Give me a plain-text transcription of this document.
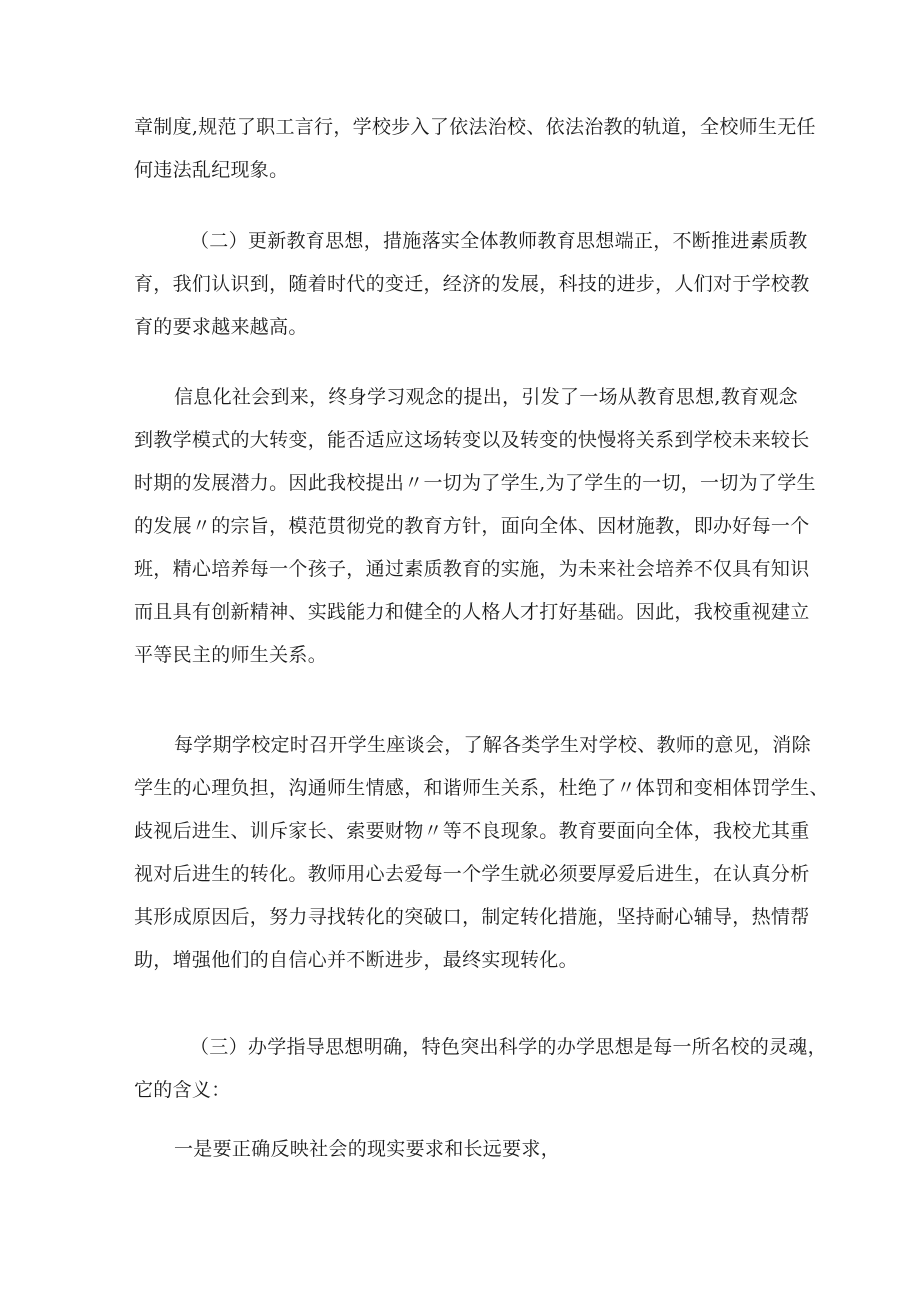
章制度,规范了职工言行，学校步入了依法治校、依法治教的轨道，全校师生无任
何违法乱纪现象。

（二）更新教育思想，措施落实全体教师教育思想端正，不断推进素质教
育，我们认识到，随着时代的变迁，经济的发展，科技的进步，人们对于学校教
育的要求越来越高。

信息化社会到来，终身学习观念的提出，引发了一场从教育思想,教育观念
到教学模式的大转变，能否适应这场转变以及转变的快慢将关系到学校未来较长
时期的发展潜力。因此我校提出〃一切为了学生,为了学生的一切，一切为了学生
的发展〃的宗旨，模范贯彻党的教育方针，面向全体、因材施教，即办好每一个
班，精心培养每一个孩子，通过素质教育的实施，为未来社会培养不仅具有知识
而且具有创新精神、实践能力和健全的人格人才打好基础。因此，我校重视建立
平等民主的师生关系。

每学期学校定时召开学生座谈会，了解各类学生对学校、教师的意见，消除
学生的心理负担，沟通师生情感，和谐师生关系，杜绝了〃体罚和变相体罚学生、
歧视后进生、训斥家长、索要财物〃等不良现象。教育要面向全体，我校尤其重
视对后进生的转化。教师用心去爱每一个学生就必须要厚爱后进生，在认真分析
其形成原因后，努力寻找转化的突破口，制定转化措施，坚持耐心辅导，热情帮
助，增强他们的自信心并不断进步，最终实现转化。

（三）办学指导思想明确，特色突出科学的办学思想是每一所名校的灵魂，
它的含义：

一是要正确反映社会的现实要求和长远要求，
